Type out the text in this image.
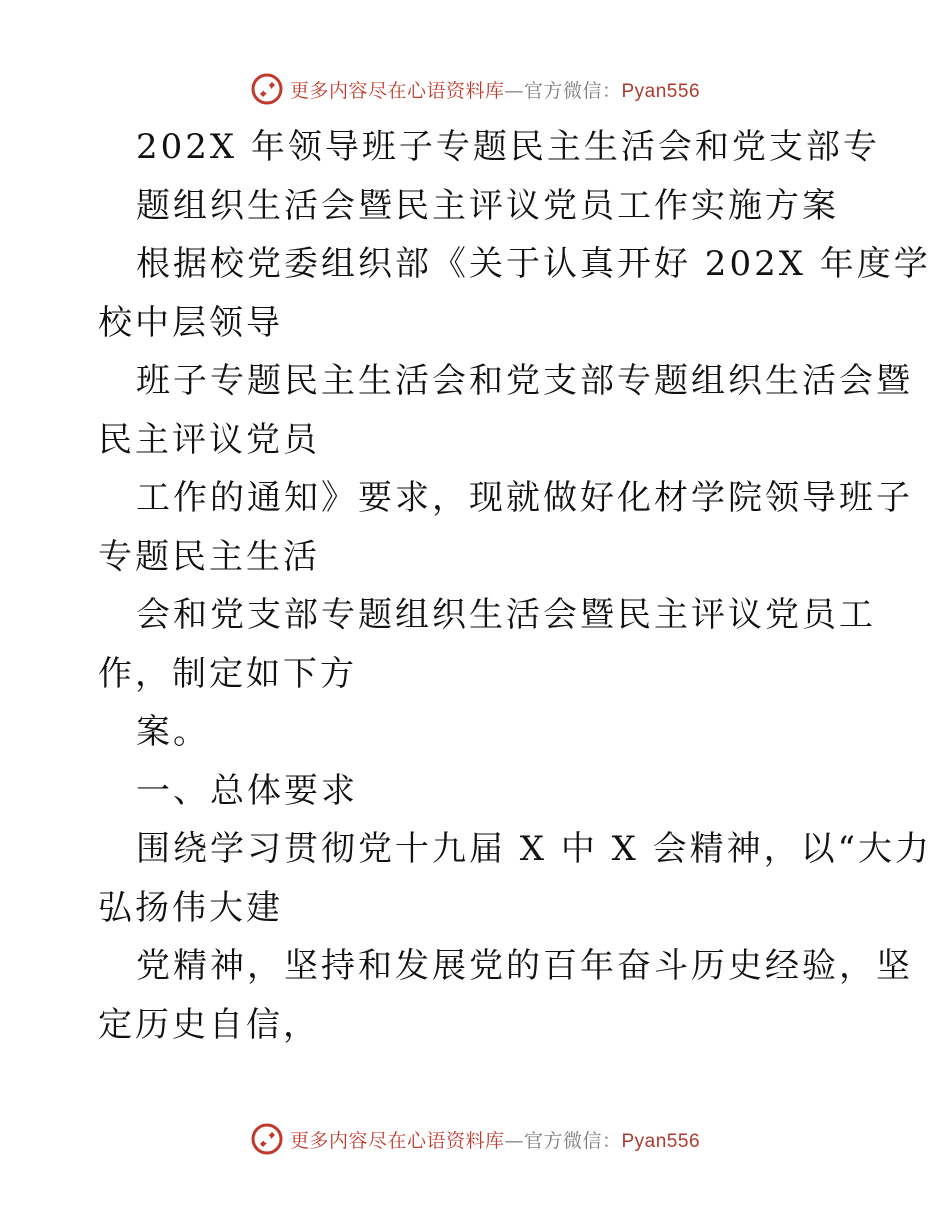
更多内容尽在心语资料库—官方微信：Pyan556
202X 年领导班子专题民主生活会和党支部专
题组织生活会暨民主评议党员工作实施方案
根据校党委组织部《关于认真开好 202X 年度学
校中层领导
班子专题民主生活会和党支部专题组织生活会暨
民主评议党员
工作的通知》要求，现就做好化材学院领导班子
专题民主生活
会和党支部专题组织生活会暨民主评议党员工
作，制定如下方
案。
一、总体要求
围绕学习贯彻党十九届 X 中 X 会精神，以“大力
弘扬伟大建
党精神，坚持和发展党的百年奋斗历史经验，坚
定历史自信，
更多内容尽在心语资料库—官方微信：Pyan556
